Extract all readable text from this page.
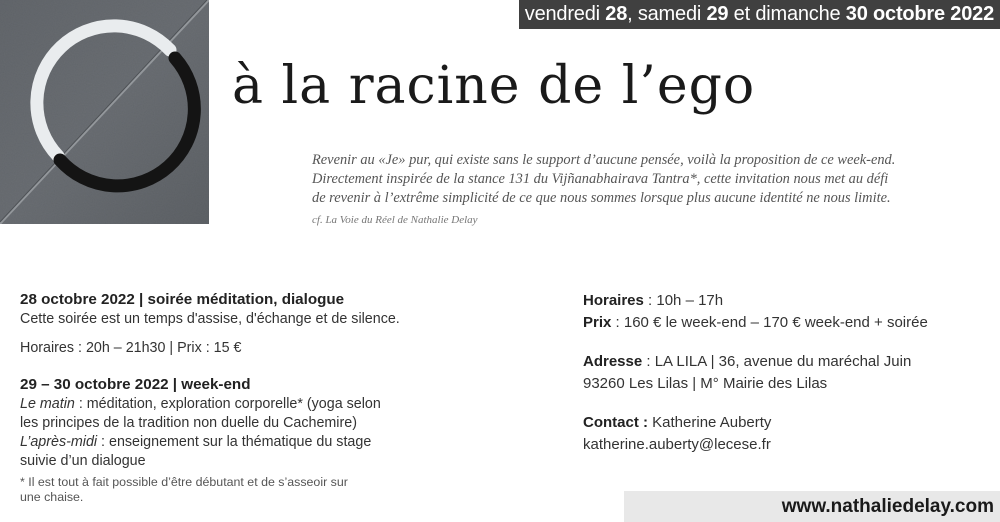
vendredi 28, samedi 29 et dimanche 30 octobre 2022
à la racine de l’ego

Revenir au «Je» pur, qui existe sans le support d’aucune pensée, voilà la proposition de ce week-end.
Directement inspirée de la stance 131 du Vijñanabhairava Tantra*, cette invitation nous met au défi
de revenir à l’extrême simplicité de ce que nous sommes lorsque plus aucune identité ne nous limite.

cf. La Voie du Réel de Nathalie Delay

28 octobre 2022 | soirée méditation, dialogue
Cette soirée est un temps d'assise, d'échange et de silence.
Horaires : 20h – 21h30 | Prix : 15 €
29 – 30 octobre 2022 | week-end
Le matin : méditation, exploration corporelle* (yoga selon
les principes de la tradition non duelle du Cachemire)
L’après-midi : enseignement sur la thématique du stage
suivie d’un dialogue
* Il est tout à fait possible d’être débutant et de s’asseoir sur
une chaise.
Horaires : 10h – 17h
Prix : 160 € le week-end – 170 € week-end + soirée
Adresse : LA LILA | 36, avenue du maréchal Juin
93260 Les Lilas | M° Mairie des Lilas
Contact : Katherine Auberty
katherine.auberty@lecese.fr
www.nathaliedelay.com
